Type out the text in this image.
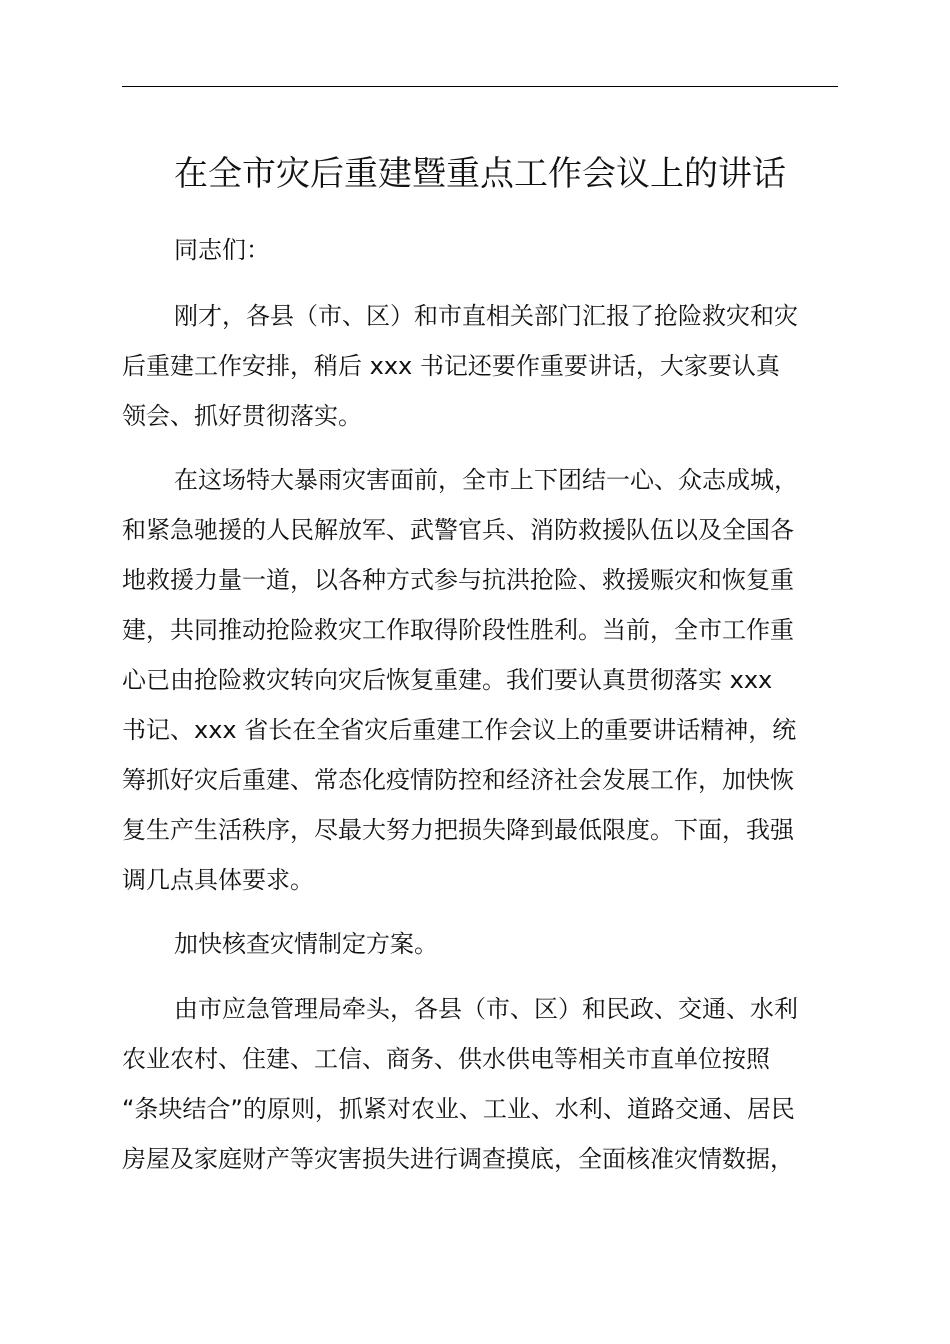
在全市灾后重建暨重点工作会议上的讲话
同志们：
刚才，各县（市、区）和市直相关部门汇报了抢险救灾和灾
后重建工作安排，稍后 xxx 书记还要作重要讲话，大家要认真
领会、抓好贯彻落实。
在这场特大暴雨灾害面前，全市上下团结一心、众志成城，
和紧急驰援的人民解放军、武警官兵、消防救援队伍以及全国各
地救援力量一道，以各种方式参与抗洪抢险、救援赈灾和恢复重
建，共同推动抢险救灾工作取得阶段性胜利。当前，全市工作重
心已由抢险救灾转向灾后恢复重建。我们要认真贯彻落实 xxx
书记、xxx 省长在全省灾后重建工作会议上的重要讲话精神，统
筹抓好灾后重建、常态化疫情防控和经济社会发展工作，加快恢
复生产生活秩序，尽最大努力把损失降到最低限度。下面，我强
调几点具体要求。
加快核查灾情制定方案。
由市应急管理局牵头，各县（市、区）和民政、交通、水利
农业农村、住建、工信、商务、供水供电等相关市直单位按照
“条块结合”的原则，抓紧对农业、工业、水利、道路交通、居民
房屋及家庭财产等灾害损失进行调查摸底，全面核准灾情数据，
